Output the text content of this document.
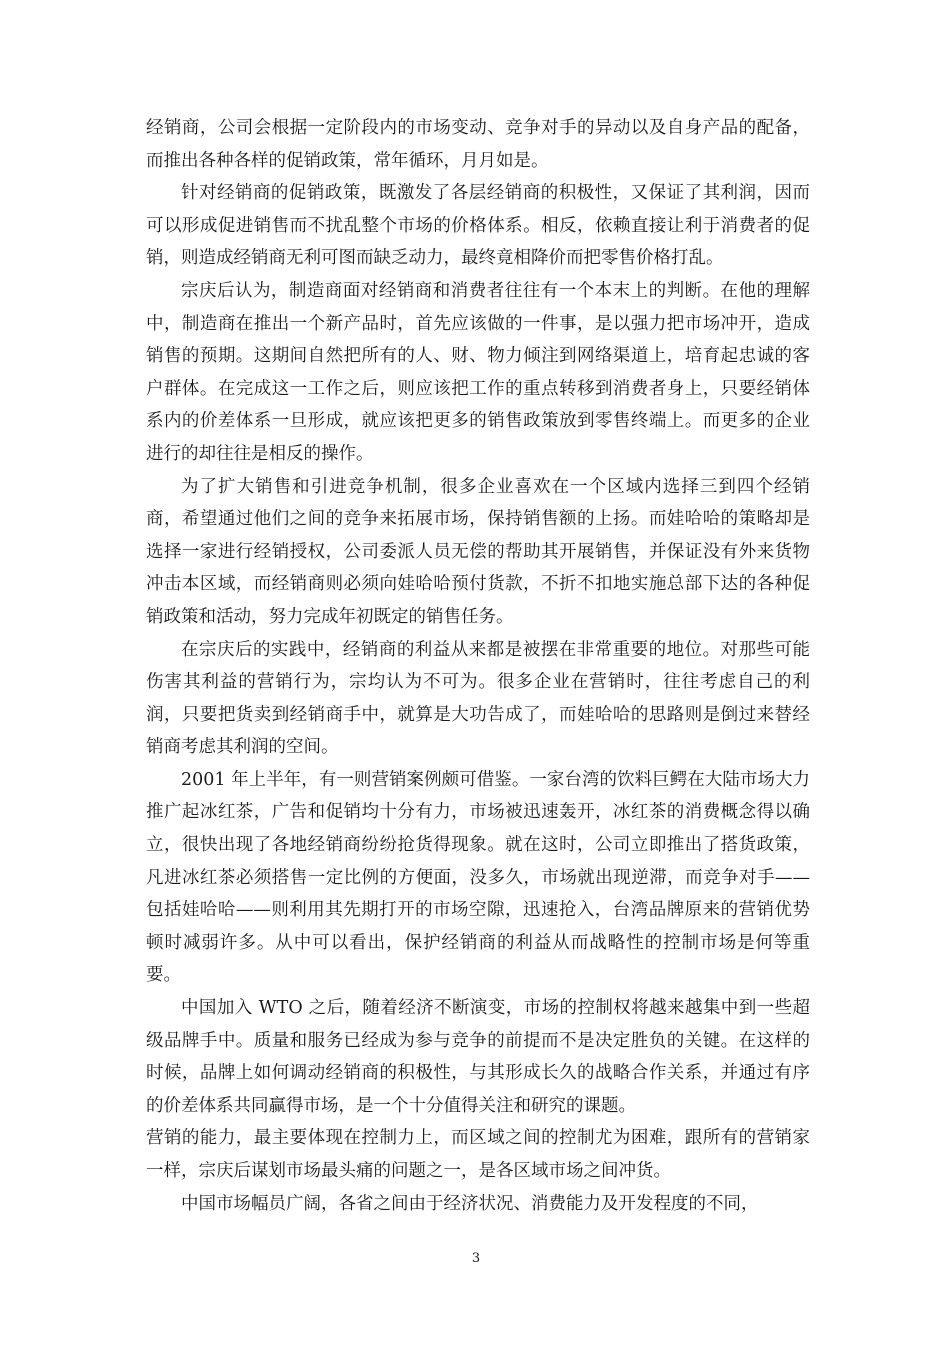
经销商，公司会根据一定阶段内的市场变动、竞争对手的异动以及自身产品的配备，而推出各种各样的促销政策，常年循环，月月如是。

针对经销商的促销政策，既激发了各层经销商的积极性，又保证了其利润，因而可以形成促进销售而不扰乱整个市场的价格体系。相反，依赖直接让利于消费者的促销，则造成经销商无利可图而缺乏动力，最终竟相降价而把零售价格打乱。

宗庆后认为，制造商面对经销商和消费者往往有一个本末上的判断。在他的理解中，制造商在推出一个新产品时，首先应该做的一件事，是以强力把市场冲开，造成销售的预期。这期间自然把所有的人、财、物力倾注到网络渠道上，培育起忠诚的客户群体。在完成这一工作之后，则应该把工作的重点转移到消费者身上，只要经销体系内的价差体系一旦形成，就应该把更多的销售政策放到零售终端上。而更多的企业进行的却往往是相反的操作。

为了扩大销售和引进竞争机制，很多企业喜欢在一个区域内选择三到四个经销商，希望通过他们之间的竞争来拓展市场，保持销售额的上扬。而娃哈哈的策略却是选择一家进行经销授权，公司委派人员无偿的帮助其开展销售，并保证没有外来货物冲击本区域，而经销商则必须向娃哈哈预付货款，不折不扣地实施总部下达的各种促销政策和活动，努力完成年初既定的销售任务。

在宗庆后的实践中，经销商的利益从来都是被摆在非常重要的地位。对那些可能伤害其利益的营销行为，宗均认为不可为。很多企业在营销时，往往考虑自己的利润，只要把货卖到经销商手中，就算是大功告成了，而娃哈哈的思路则是倒过来替经销商考虑其利润的空间。

2001 年上半年，有一则营销案例颇可借鉴。一家台湾的饮料巨鳄在大陆市场大力推广起冰红茶，广告和促销均十分有力，市场被迅速轰开，冰红茶的消费概念得以确立，很快出现了各地经销商纷纷抢货得现象。就在这时，公司立即推出了搭货政策，凡进冰红茶必须搭售一定比例的方便面，没多久，市场就出现逆滞，而竞争对手——包括娃哈哈——则利用其先期打开的市场空隙，迅速抢入，台湾品牌原来的营销优势顿时减弱许多。从中可以看出，保护经销商的利益从而战略性的控制市场是何等重要。

中国加入 WTO 之后，随着经济不断演变，市场的控制权将越来越集中到一些超级品牌手中。质量和服务已经成为参与竞争的前提而不是决定胜负的关键。在这样的时候，品牌上如何调动经销商的积极性，与其形成长久的战略合作关系，并通过有序的价差体系共同赢得市场，是一个十分值得关注和研究的课题。

营销的能力，最主要体现在控制力上，而区域之间的控制尤为困难，跟所有的营销家一样，宗庆后谋划市场最头痛的问题之一，是各区域市场之间冲货。

中国市场幅员广阔，各省之间由于经济状况、消费能力及开发程度的不同，

3
